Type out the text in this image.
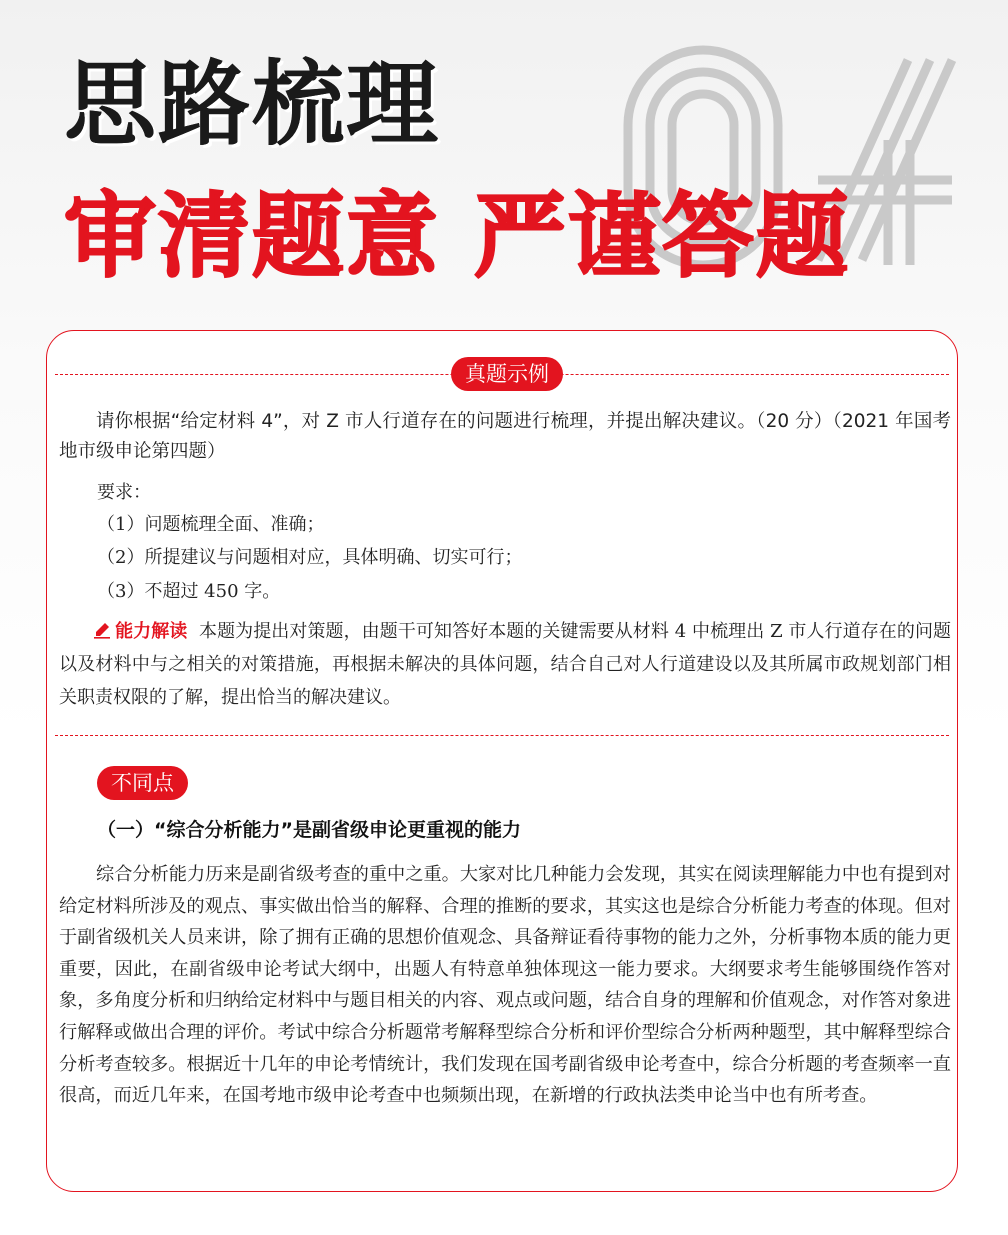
思路梳理
审清题意 严谨答题
真题示例
请你根据“给定材料 4”，对 Z 市人行道存在的问题进行梳理，并提出解决建议。（20 分）（2021 年国考地市级申论第四题）
要求：
（1）问题梳理全面、准确；
（2）所提建议与问题相对应，具体明确、切实可行；
（3）不超过 450 字。
能力解读 本题为提出对策题，由题干可知答好本题的关键需要从材料 4 中梳理出 Z 市人行道存在的问题以及材料中与之相关的对策措施，再根据未解决的具体问题，结合自己对人行道建设以及其所属市政规划部门相关职责权限的了解，提出恰当的解决建议。
不同点
（一）“综合分析能力”是副省级申论更重视的能力
综合分析能力历来是副省级考查的重中之重。大家对比几种能力会发现，其实在阅读理解能力中也有提到对给定材料所涉及的观点、事实做出恰当的解释、合理的推断的要求，其实这也是综合分析能力考查的体现。但对于副省级机关人员来讲，除了拥有正确的思想价值观念、具备辩证看待事物的能力之外，分析事物本质的能力更重要，因此，在副省级申论考试大纲中，出题人有特意单独体现这一能力要求。大纲要求考生能够围绕作答对象，多角度分析和归纳给定材料中与题目相关的内容、观点或问题，结合自身的理解和价值观念，对作答对象进行解释或做出合理的评价。考试中综合分析题常考解释型综合分析和评价型综合分析两种题型，其中解释型综合分析考查较多。根据近十几年的申论考情统计，我们发现在国考副省级申论考查中，综合分析题的考查频率一直很高，而近几年来，在国考地市级申论考查中也频频出现，在新增的行政执法类申论当中也有所考查。
